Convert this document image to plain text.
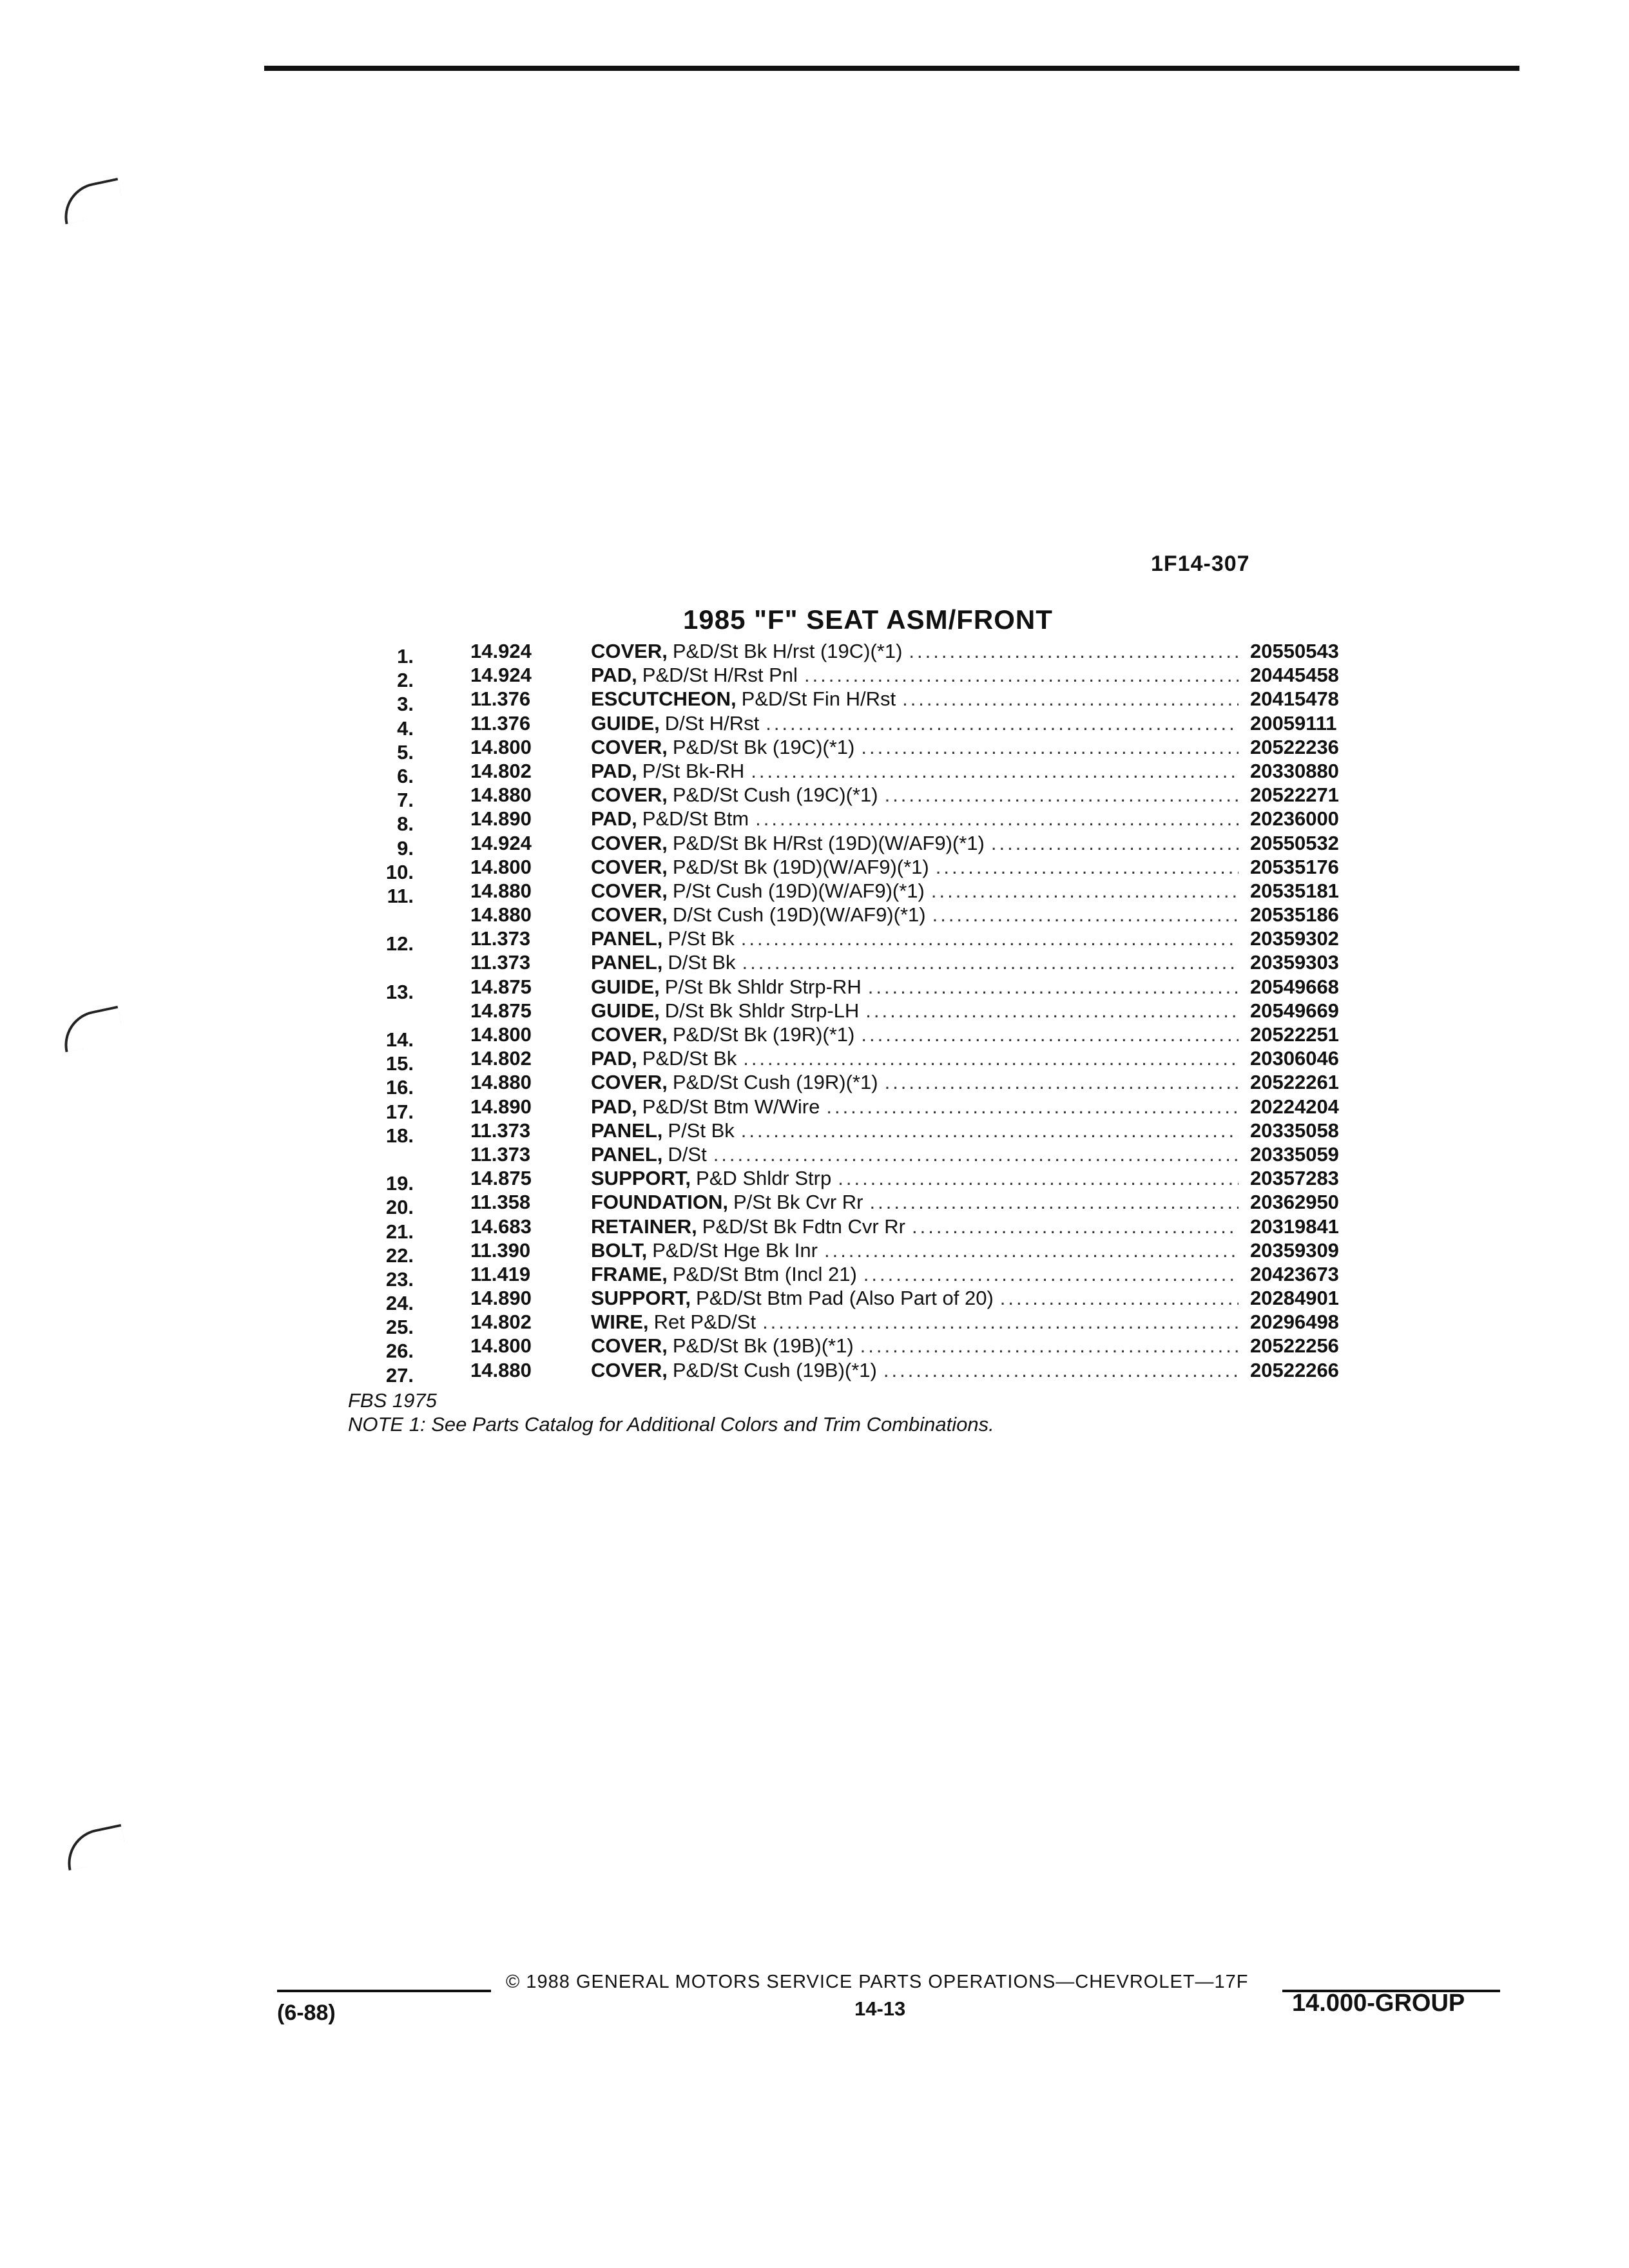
1F14-307
1985 "F" SEAT ASM/FRONT
1.	14.924	COVER, P&D/St Bk H/rst (19C)(*1) .....	20550543
2.	14.924	PAD, P&D/St H/Rst Pnl .....	20445458
3.	11.376	ESCUTCHEON, P&D/St Fin H/Rst .....	20415478
4.	11.376	GUIDE, D/St H/Rst .....	20059111
5.	14.800	COVER, P&D/St Bk (19C)(*1) .....	20522236
6.	14.802	PAD, P/St Bk-RH .....	20330880
7.	14.880	COVER, P&D/St Cush (19C)(*1) .....	20522271
8.	14.890	PAD, P&D/St Btm .....	20236000
9.	14.924	COVER, P&D/St Bk H/Rst (19D)(W/AF9)(*1) .....	20550532
10.	14.800	COVER, P&D/St Bk (19D)(W/AF9)(*1) .....	20535176
11.	14.880	COVER, P/St Cush (19D)(W/AF9)(*1) .....	20535181
14.880	COVER, D/St Cush (19D)(W/AF9)(*1) .....	20535186
12.	11.373	PANEL, P/St Bk .....	20359302
11.373	PANEL, D/St Bk .....	20359303
13.	14.875	GUIDE, P/St Bk Shldr Strp-RH .....	20549668
14.875	GUIDE, D/St Bk Shldr Strp-LH .....	20549669
14.	14.800	COVER, P&D/St Bk (19R)(*1) .....	20522251
15.	14.802	PAD, P&D/St Bk .....	20306046
16.	14.880	COVER, P&D/St Cush (19R)(*1) .....	20522261
17.	14.890	PAD, P&D/St Btm W/Wire .....	20224204
18.	11.373	PANEL, P/St Bk .....	20335058
11.373	PANEL, D/St .....	20335059
19.	14.875	SUPPORT, P&D Shldr Strp .....	20357283
20.	11.358	FOUNDATION, P/St Bk Cvr Rr .....	20362950
21.	14.683	RETAINER, P&D/St Bk Fdtn Cvr Rr .....	20319841
22.	11.390	BOLT, P&D/St Hge Bk Inr .....	20359309
23.	11.419	FRAME, P&D/St Btm (Incl 21) .....	20423673
24.	14.890	SUPPORT, P&D/St Btm Pad (Also Part of 20) .....	20284901
25.	14.802	WIRE, Ret P&D/St .....	20296498
26.	14.800	COVER, P&D/St Bk (19B)(*1) .....	20522256
27.	14.880	COVER, P&D/St Cush (19B)(*1) .....	20522266
FBS 1975
NOTE 1: See Parts Catalog for Additional Colors and Trim Combinations.
© 1988 GENERAL MOTORS SERVICE PARTS OPERATIONS—CHEVROLET—17F
(6-88)	14-13	14.000-GROUP
